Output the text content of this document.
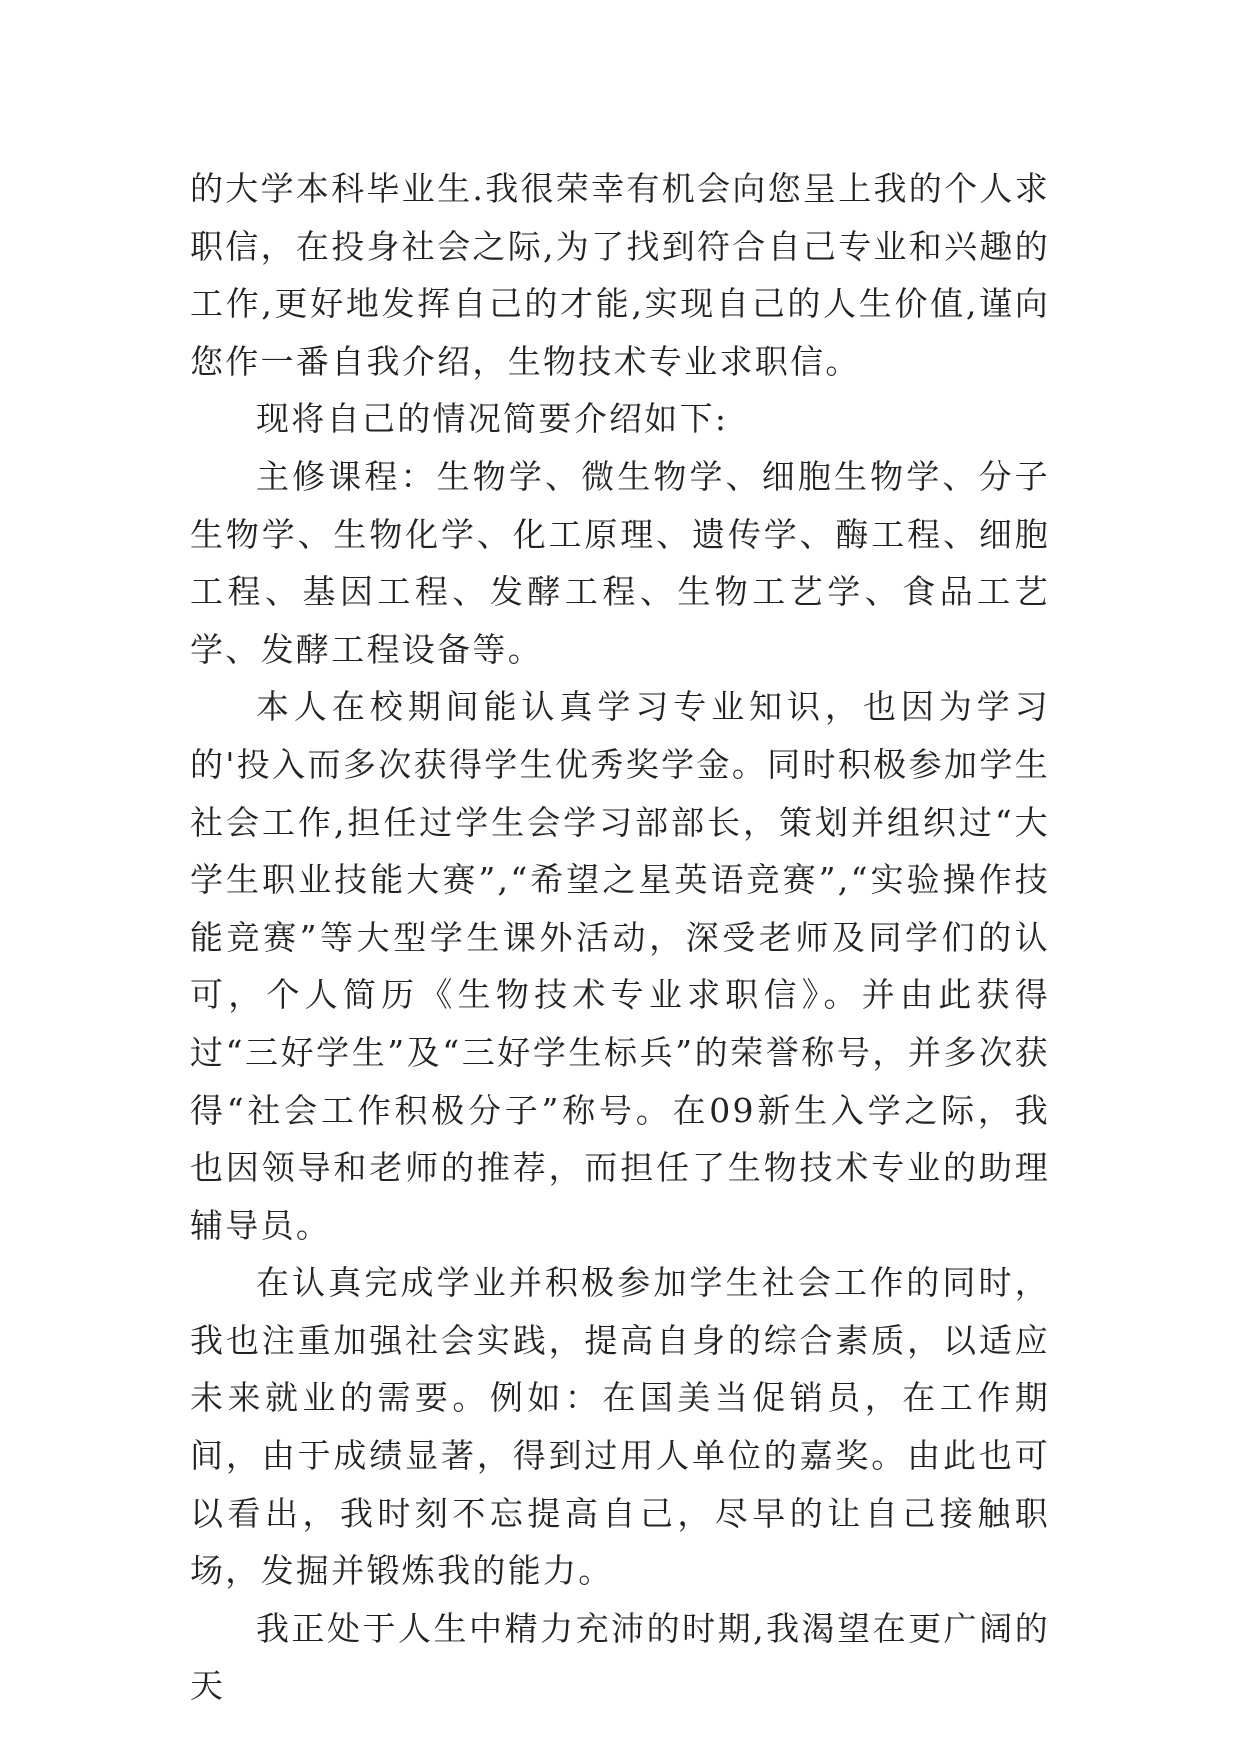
的大学本科毕业生.我很荣幸有机会向您呈上我的个人求职信，在投身社会之际,为了找到符合自己专业和兴趣的工作,更好地发挥自己的才能,实现自己的人生价值,谨向您作一番自我介绍，生物技术专业求职信。

现将自己的情况简要介绍如下:

主修课程：生物学、微生物学、细胞生物学、分子生物学、生物化学、化工原理、遗传学、酶工程、细胞工程、基因工程、发酵工程、生物工艺学、食品工艺学、发酵工程设备等。

本人在校期间能认真学习专业知识，也因为学习的'投入而多次获得学生优秀奖学金。同时积极参加学生社会工作,担任过学生会学习部部长，策划并组织过“大学生职业技能大赛”,“希望之星英语竞赛”,“实验操作技能竞赛”等大型学生课外活动，深受老师及同学们的认可，个人简历《生物技术专业求职信》。并由此获得过“三好学生”及“三好学生标兵”的荣誉称号，并多次获得“社会工作积极分子”称号。在09新生入学之际，我也因领导和老师的推荐，而担任了生物技术专业的助理辅导员。

在认真完成学业并积极参加学生社会工作的同时，我也注重加强社会实践，提高自身的综合素质，以适应未来就业的需要。例如：在国美当促销员，在工作期间，由于成绩显著，得到过用人单位的嘉奖。由此也可以看出，我时刻不忘提高自己，尽早的让自己接触职场，发掘并锻炼我的能力。

我正处于人生中精力充沛的时期,我渴望在更广阔的天
